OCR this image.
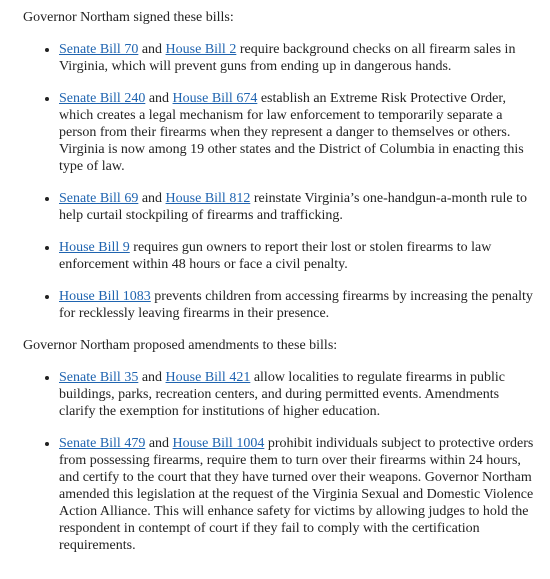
Governor Northam signed these bills:

• Senate Bill 70 and House Bill 2 require background checks on all firearm sales in Virginia, which will prevent guns from ending up in dangerous hands.
• Senate Bill 240 and House Bill 674 establish an Extreme Risk Protective Order, which creates a legal mechanism for law enforcement to temporarily separate a person from their firearms when they represent a danger to themselves or others. Virginia is now among 19 other states and the District of Columbia in enacting this type of law.
• Senate Bill 69 and House Bill 812 reinstate Virginia’s one-handgun-a-month rule to help curtail stockpiling of firearms and trafficking.
• House Bill 9 requires gun owners to report their lost or stolen firearms to law enforcement within 48 hours or face a civil penalty.
• House Bill 1083 prevents children from accessing firearms by increasing the penalty for recklessly leaving firearms in their presence.

Governor Northam proposed amendments to these bills:

• Senate Bill 35 and House Bill 421 allow localities to regulate firearms in public buildings, parks, recreation centers, and during permitted events. Amendments clarify the exemption for institutions of higher education.
• Senate Bill 479 and House Bill 1004 prohibit individuals subject to protective orders from possessing firearms, require them to turn over their firearms within 24 hours, and certify to the court that they have turned over their weapons. Governor Northam amended this legislation at the request of the Virginia Sexual and Domestic Violence Action Alliance. This will enhance safety for victims by allowing judges to hold the respondent in contempt of court if they fail to comply with the certification requirements.
